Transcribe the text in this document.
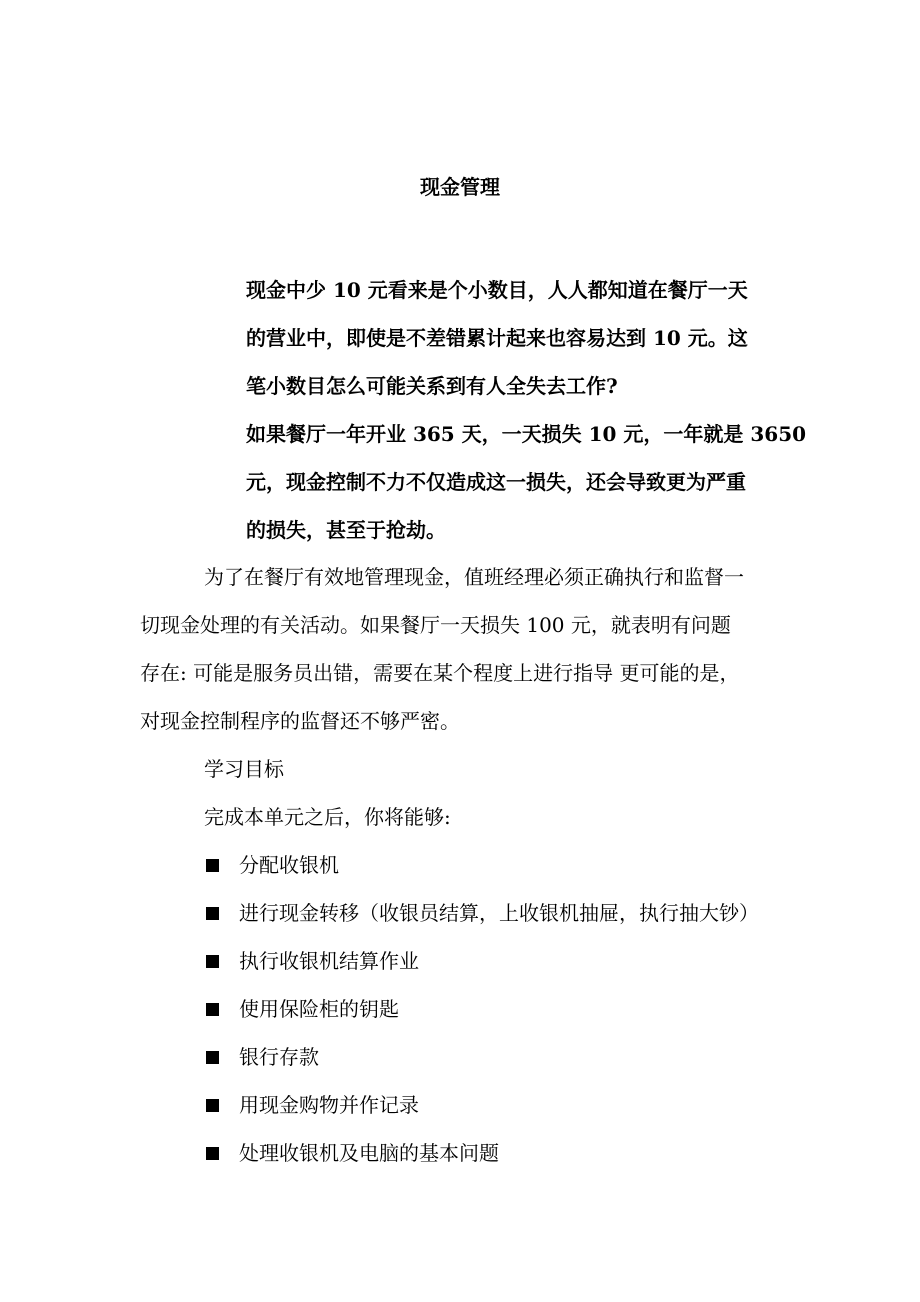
现金管理
现金中少 10 元看来是个小数目，人人都知道在餐厅一天
的营业中，即使是不差错累计起来也容易达到 10 元。这
笔小数目怎么可能关系到有人全失去工作?
如果餐厅一年开业 365 天，一天损失 10 元，一年就是 3650
元，现金控制不力不仅造成这一损失，还会导致更为严重
的损失，甚至于抢劫。
为了在餐厅有效地管理现金，值班经理必须正确执行和监督一
切现金处理的有关活动。如果餐厅一天损失 100 元，就表明有问题
存在: 可能是服务员出错，需要在某个程度上进行指导 更可能的是，
对现金控制程序的监督还不够严密。
学习目标
完成本单元之后，你将能够:
分配收银机
进行现金转移（收银员结算，上收银机抽屉，执行抽大钞）
执行收银机结算作业
使用保险柜的钥匙
银行存款
用现金购物并作记录
处理收银机及电脑的基本问题
